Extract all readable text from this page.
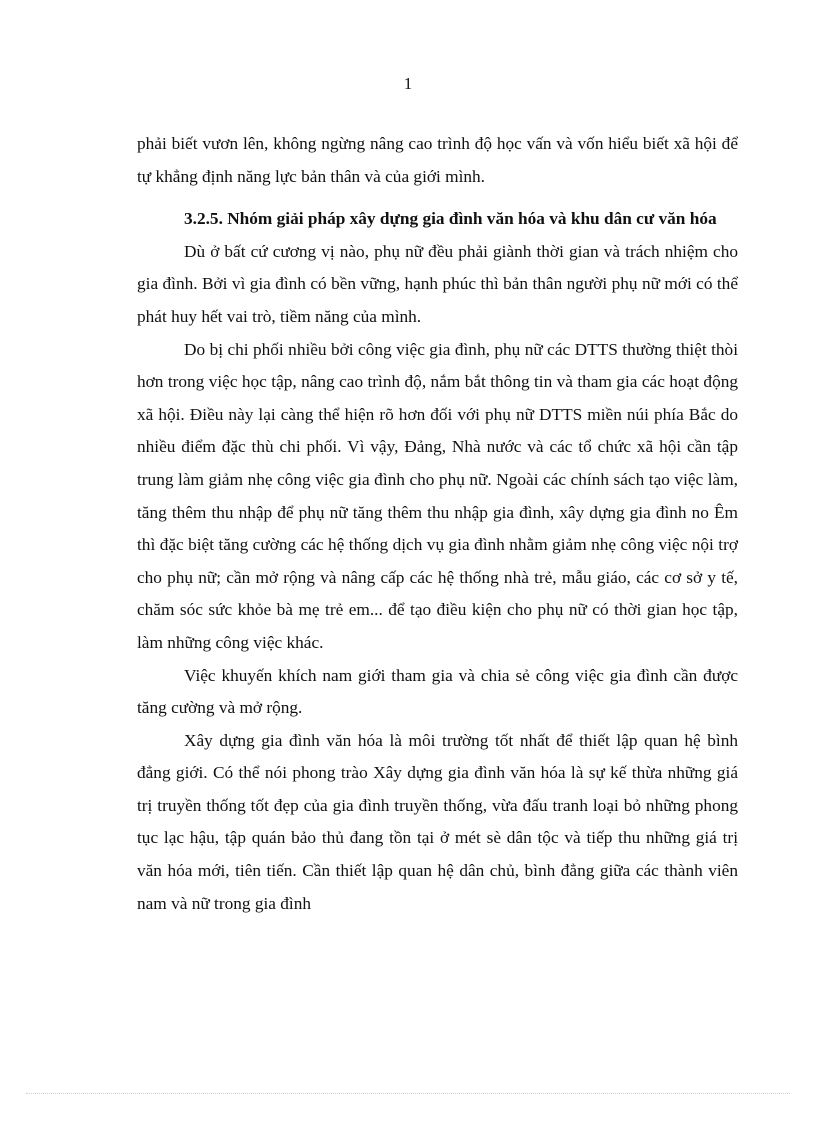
1

phải biết vươn lên, không ngừng nâng cao trình độ học vấn và vốn hiểu biết xã hội để tự khẳng định năng lực bản thân và của giới mình.

3.2.5. Nhóm giải pháp xây dựng gia đình văn hóa và khu dân cư văn hóa

Dù ở bất cứ cương vị nào, phụ nữ đều phải giành thời gian và trách nhiệm cho gia đình. Bởi vì gia đình có bền vững, hạnh phúc thì bản thân người phụ nữ mới có thể phát huy hết vai trò, tiềm năng của mình.

Do bị chi phối nhiều bởi công việc gia đình, phụ nữ các DTTS thường thiệt thòi hơn trong việc học tập, nâng cao trình độ, nắm bắt thông tin và tham gia các hoạt động xã hội. Điều này lại càng thể hiện rõ hơn đối với phụ nữ DTTS miền núi phía Bắc do nhiều điểm đặc thù chi phối. Vì vậy, Đảng, Nhà nước và các tổ chức xã hội cần tập trung làm giảm nhẹ công việc gia đình cho phụ nữ. Ngoài các chính sách tạo việc làm, tăng thêm thu nhập để phụ nữ tăng thêm thu nhập gia đình, xây dựng gia đình no Êm thì đặc biệt tăng cường các hệ thống dịch vụ gia đình nhằm giảm nhẹ công việc nội trợ cho phụ nữ; cần mở rộng và nâng cấp các hệ thống nhà trẻ, mẫu giáo, các cơ sở y tế, chăm sóc sức khỏe bà mẹ trẻ em... để tạo điều kiện cho phụ nữ có thời gian học tập, làm những công việc khác.

Việc khuyến khích nam giới tham gia và chia sẻ công việc gia đình cần được tăng cường và mở rộng.

Xây dựng gia đình văn hóa là môi trường tốt nhất để thiết lập quan hệ bình đẳng giới. Có thể nói phong trào Xây dựng gia đình văn hóa là sự kế thừa những giá trị truyền thống tốt đẹp của gia đình truyền thống, vừa đấu tranh loại bỏ những phong tục lạc hậu, tập quán bảo thủ đang tồn tại ở mét sè dân tộc và tiếp thu những giá trị văn hóa mới, tiên tiến. Cần thiết lập quan hệ dân chủ, bình đẳng giữa các thành viên nam và nữ trong gia đình
